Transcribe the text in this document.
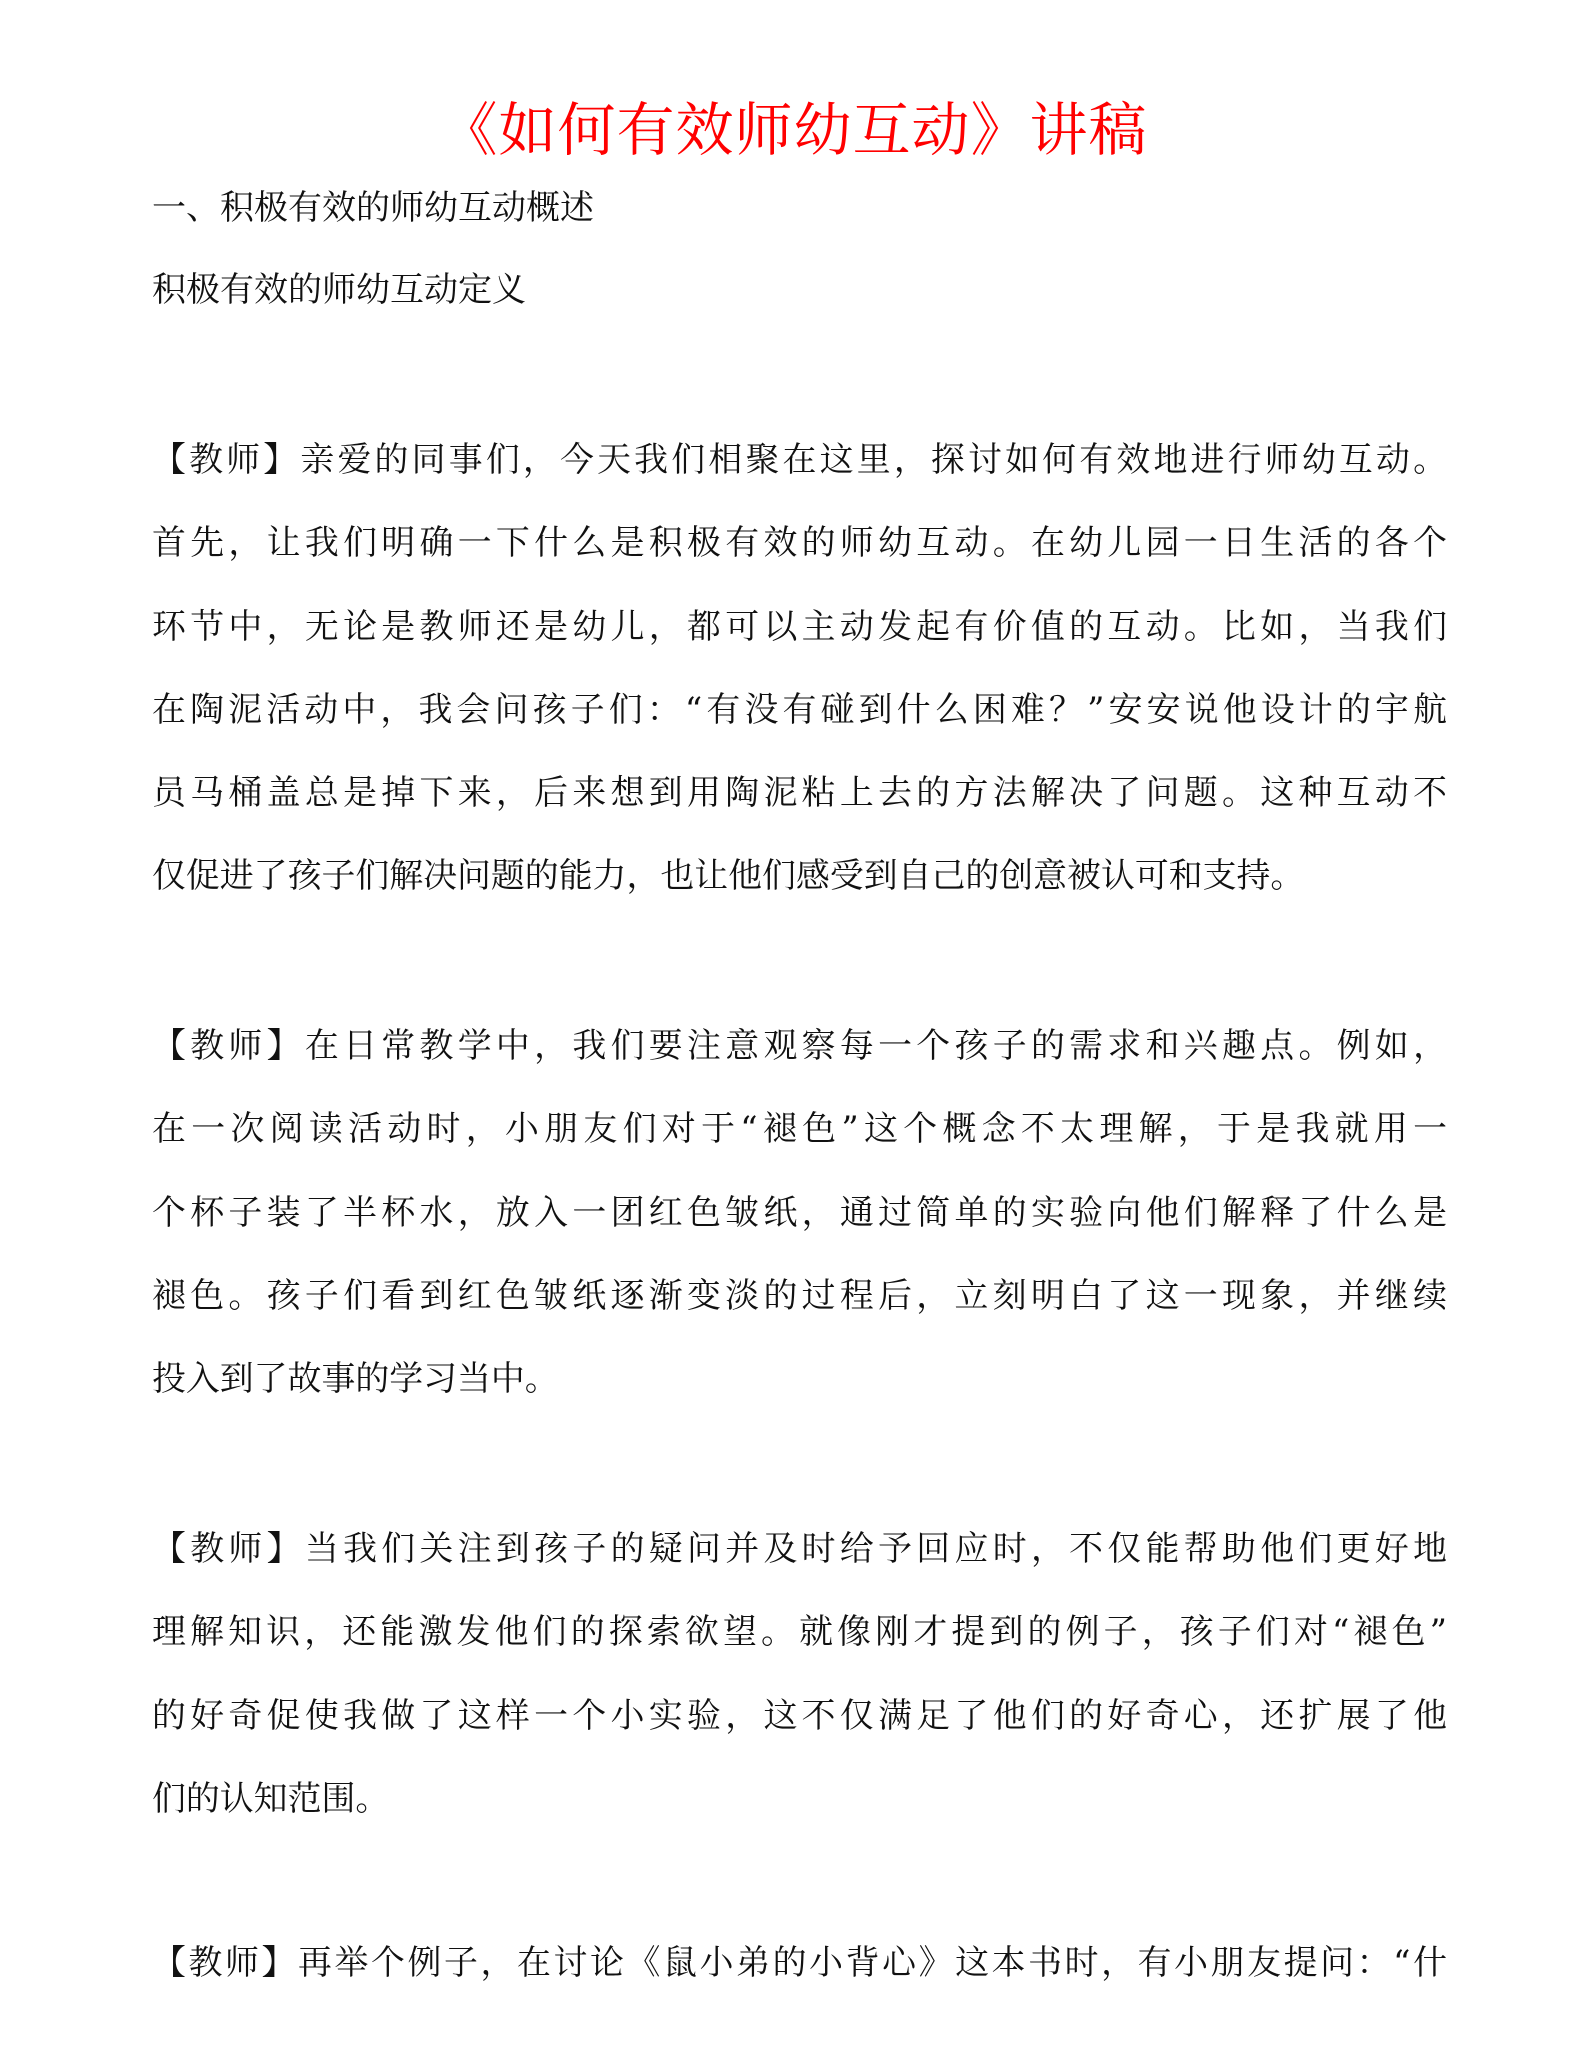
《如何有效师幼互动》讲稿
一、积极有效的师幼互动概述
积极有效的师幼互动定义
【教师】亲爱的同事们，今天我们相聚在这里，探讨如何有效地进行师幼互动。
首先，让我们明确一下什么是积极有效的师幼互动。在幼儿园一日生活的各个
环节中，无论是教师还是幼儿，都可以主动发起有价值的互动。比如，当我们
在陶泥活动中，我会问孩子们：“有没有碰到什么困难？”安安说他设计的宇航
员马桶盖总是掉下来，后来想到用陶泥粘上去的方法解决了问题。这种互动不
仅促进了孩子们解决问题的能力，也让他们感受到自己的创意被认可和支持。
【教师】在日常教学中，我们要注意观察每一个孩子的需求和兴趣点。例如，
在一次阅读活动时，小朋友们对于“褪色”这个概念不太理解，于是我就用一
个杯子装了半杯水，放入一团红色皱纸，通过简单的实验向他们解释了什么是
褪色。孩子们看到红色皱纸逐渐变淡的过程后，立刻明白了这一现象，并继续
投入到了故事的学习当中。
【教师】当我们关注到孩子的疑问并及时给予回应时，不仅能帮助他们更好地
理解知识，还能激发他们的探索欲望。就像刚才提到的例子，孩子们对“褪色”
的好奇促使我做了这样一个小实验，这不仅满足了他们的好奇心，还扩展了他
们的认知范围。
【教师】再举个例子，在讨论《鼠小弟的小背心》这本书时，有小朋友提问：“什
